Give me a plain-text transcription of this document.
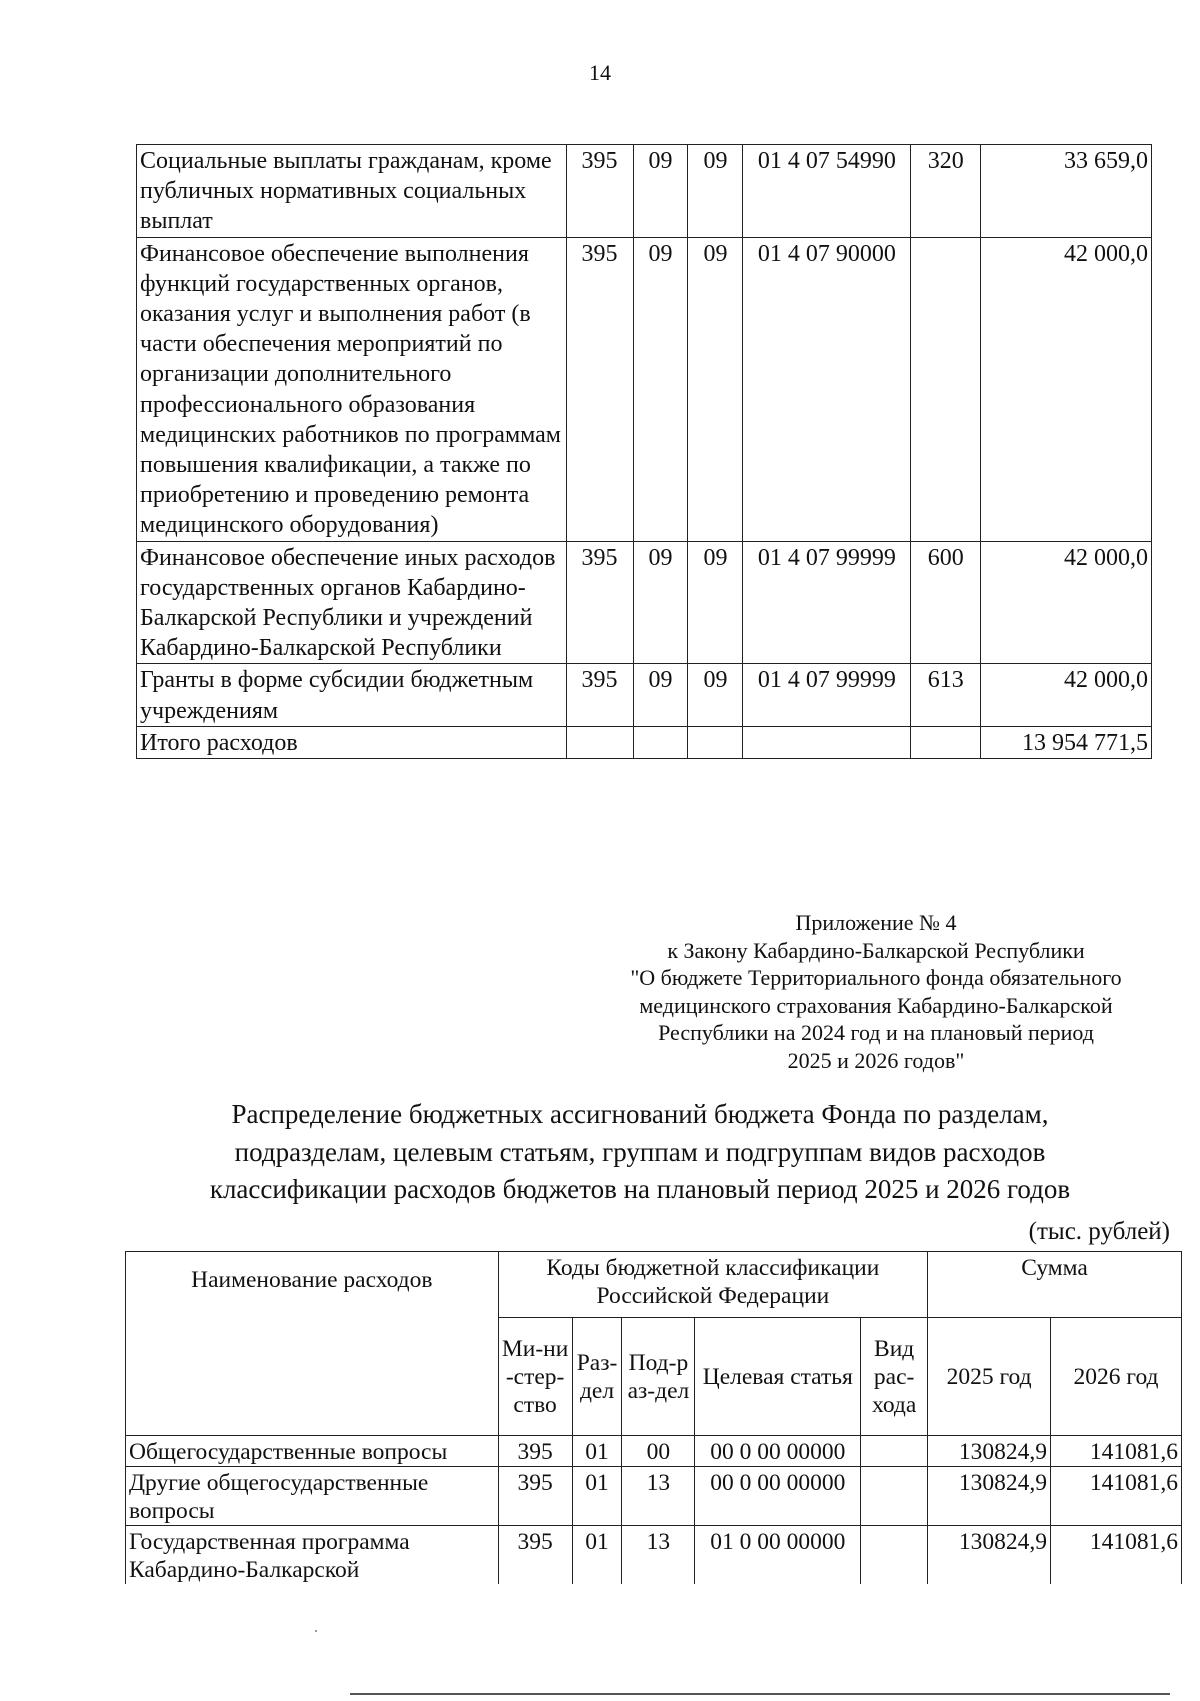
14
Социальные выплаты гражданам, кроме публичных нормативных социальных выплат	395	09	09	01 4 07 54990	320	33 659,0
Финансовое обеспечение выполнения функций государственных органов, оказания услуг и выполнения работ (в части обеспечения мероприятий по организации дополнительного профессионального образования медицинских работников по программам повышения квалификации, а также по приобретению и проведению ремонта медицинского оборудования)	395	09	09	01 4 07 90000		42 000,0
Финансовое обеспечение иных расходов государственных органов Кабардино-Балкарской Республики и учреждений Кабардино-Балкарской Республики	395	09	09	01 4 07 99999	600	42 000,0
Гранты в форме субсидии бюджетным учреждениям	395	09	09	01 4 07 99999	613	42 000,0
Итого расходов						13 954 771,5
Приложение № 4
к Закону Кабардино-Балкарской Республики
"О бюджете Территориального фонда обязательного
медицинского страхования Кабардино-Балкарской
Республики на 2024 год и на плановый период
2025 и 2026 годов"
Распределение бюджетных ассигнований бюджета Фонда по разделам,
подразделам, целевым статьям, группам и подгруппам видов расходов
классификации расходов бюджетов на плановый период 2025 и 2026 годов
(тыс. рублей)
Наименование расходов	Коды бюджетной классификации Российской Федерации					Сумма	
	Ми-ни-стер-ство	Раз-дел	Под-раз-дел	Целевая статья	Вид рас-хода	2025 год	2026 год
Общегосударственные вопросы	395	01	00	00 0 00 00000		130824,9	141081,6
Другие общегосударственные вопросы	395	01	13	00 0 00 00000		130824,9	141081,6
Государственная программа Кабардино-Балкарской	395	01	13	01 0 00 00000		130824,9	141081,6
